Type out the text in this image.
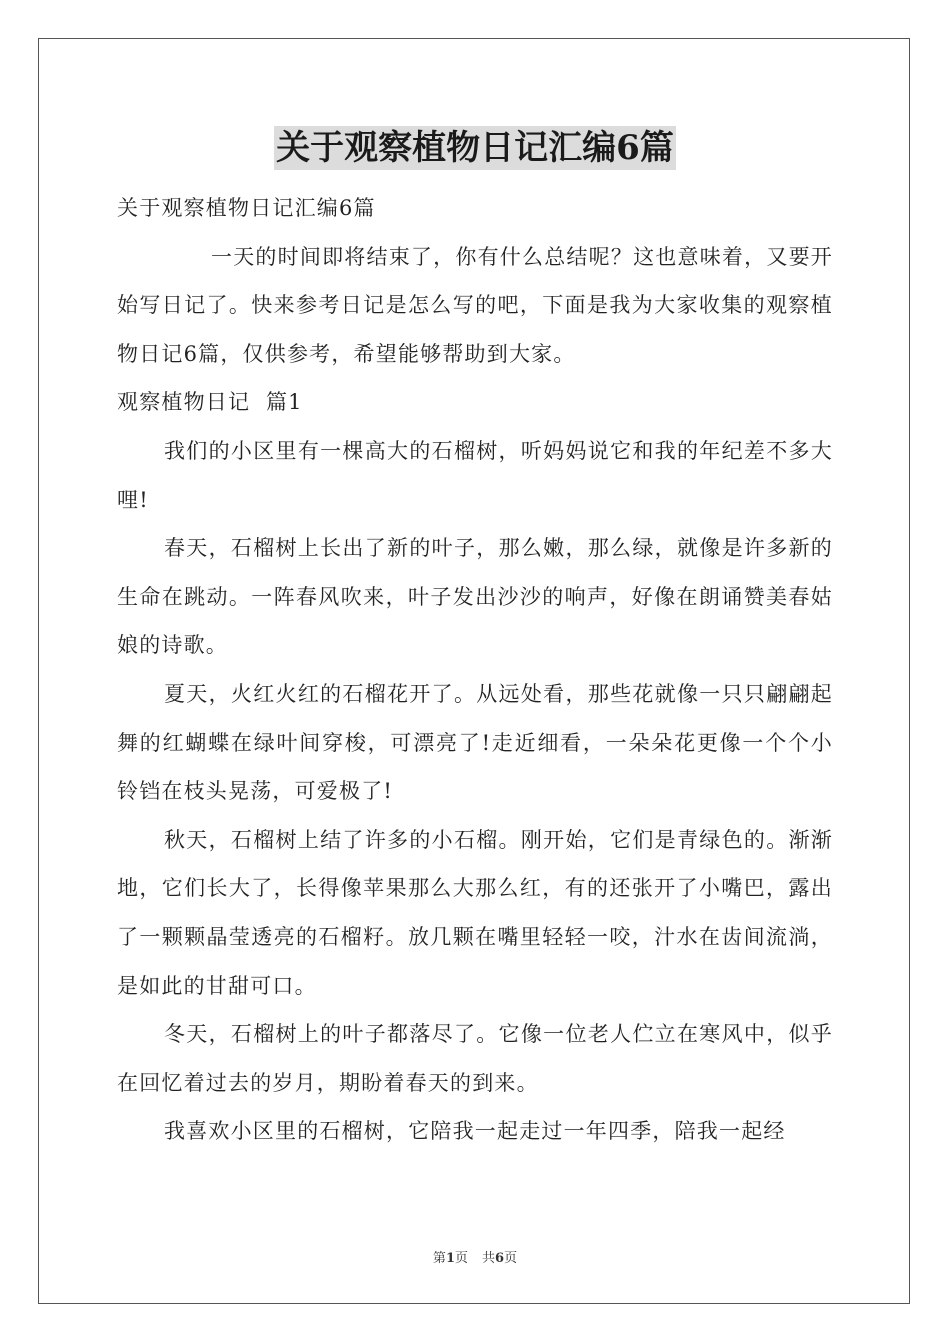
关于观察植物日记汇编6篇

关于观察植物日记汇编6篇

一天的时间即将结束了，你有什么总结呢？这也意味着，又要开始写日记了。快来参考日记是怎么写的吧，下面是我为大家收集的观察植物日记6篇，仅供参考，希望能够帮助到大家。

观察植物日记  篇1

我们的小区里有一棵高大的石榴树，听妈妈说它和我的年纪差不多大哩!

春天，石榴树上长出了新的叶子，那么嫩，那么绿，就像是许多新的生命在跳动。一阵春风吹来，叶子发出沙沙的响声，好像在朗诵赞美春姑娘的诗歌。

夏天，火红火红的石榴花开了。从远处看，那些花就像一只只翩翩起舞的红蝴蝶在绿叶间穿梭，可漂亮了!走近细看，一朵朵花更像一个个小铃铛在枝头晃荡，可爱极了!

秋天，石榴树上结了许多的小石榴。刚开始，它们是青绿色的。渐渐地，它们长大了，长得像苹果那么大那么红，有的还张开了小嘴巴，露出了一颗颗晶莹透亮的石榴籽。放几颗在嘴里轻轻一咬，汁水在齿间流淌，是如此的甘甜可口。

冬天，石榴树上的叶子都落尽了。它像一位老人伫立在寒风中，似乎在回忆着过去的岁月，期盼着春天的到来。

我喜欢小区里的石榴树，它陪我一起走过一年四季，陪我一起经

第1页 共6页
